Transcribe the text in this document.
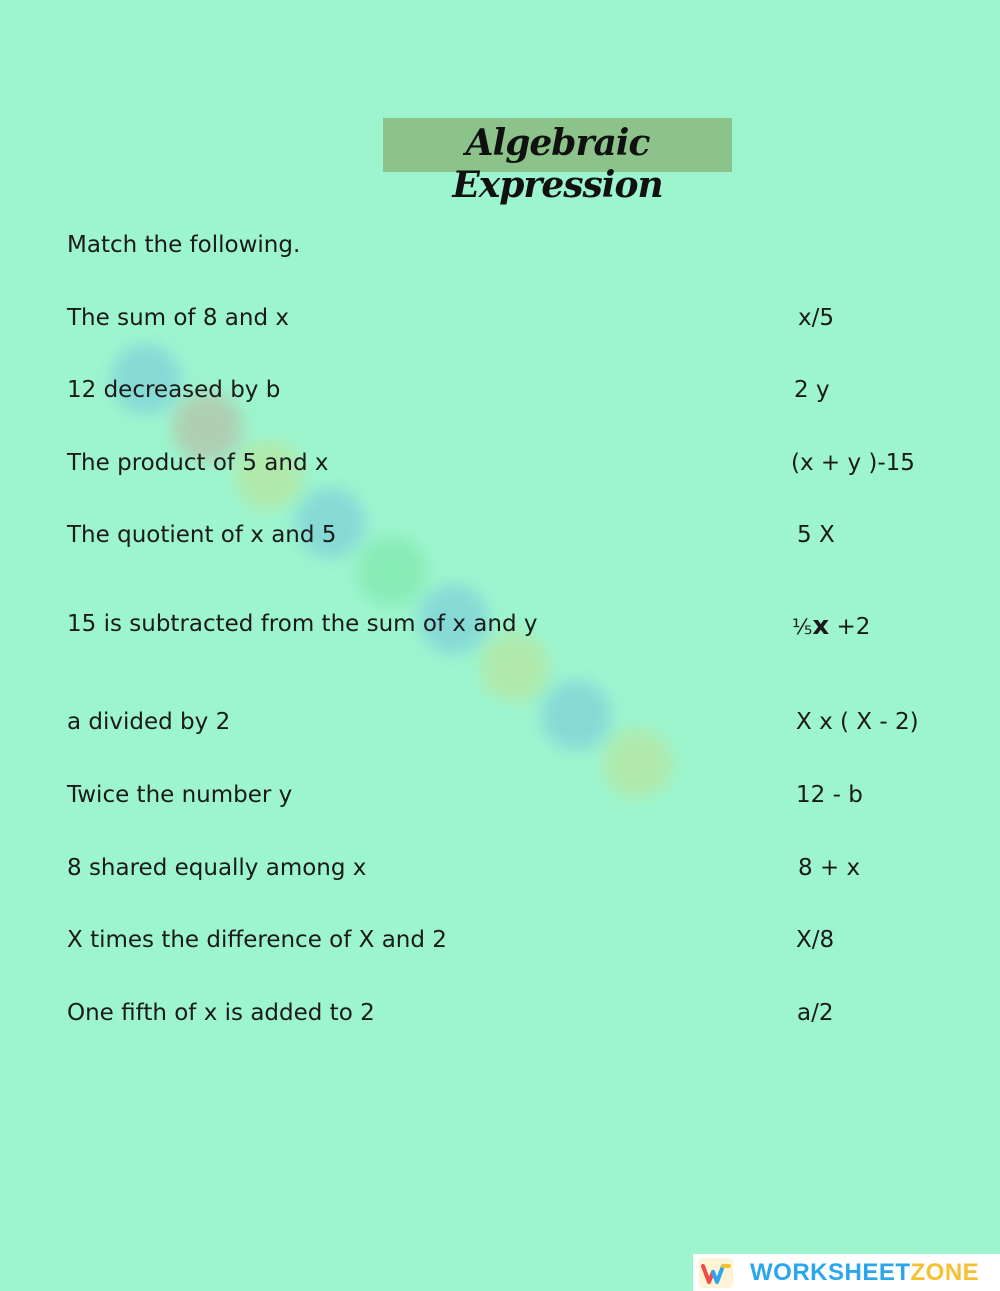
Algebraic Expression
Match the following.
The sum of 8 and x	x/5
12 decreased by b	2 y
The product of 5 and x	(x + y )-15
The quotient of x and 5	5 X
15 is subtracted from the sum of x and y	⅕x +2
a divided by 2	X x ( X - 2)
Twice the number y	12 - b
8 shared equally among x	8 + x
X times the difference of X and 2	X/8
One fifth of x is added to 2	a/2
WORKSHEETZONE
